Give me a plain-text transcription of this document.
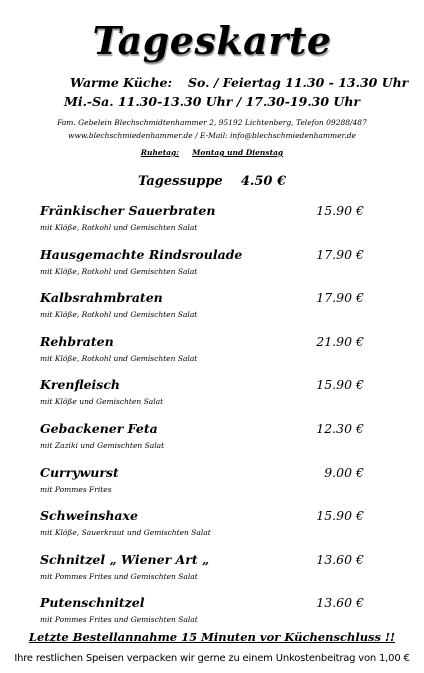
Tageskarte
Warme Küche: So. / Feiertag 11.30 - 13.30 Uhr
Mi.-Sa. 11.30-13.30 Uhr / 17.30-19.30 Uhr
Fam. Gebelein Blechschmidtenhammer 2, 95192 Lichtenberg, Telefon 09288/487
www.blechschmiedenhammer.de / E-Mail: info@blechschmiedenhammer.de
Ruhetag: Montag und Dienstag
Tagessuppe 4.50 €
Fränkischer Sauerbraten	15.90 €
mit Klöße, Rotkohl und Gemischten Salat
Hausgemachte Rindsroulade	17.90 €
mit Klöße, Rotkohl und Gemischten Salat
Kalbsrahmbraten	17.90 €
mit Klöße, Rotkohl und Gemischten Salat
Rehbraten	21.90 €
mit Klöße, Rotkohl und Gemischten Salat
Krenfleisch	15.90 €
mit Klöße und Gemischten Salat
Gebackener Feta	12.30 €
mit Zaziki und Gemischten Salat
Currywurst	9.00 €
mit Pommes Frites
Schweinshaxe	15.90 €
mit Klöße, Sauerkraut und Gemischten Salat
Schnitzel „ Wiener Art „	13.60 €
mit Pommes Frites und Gemischten Salat
Putenschnitzel	13.60 €
mit Pommes Frites und Gemischten Salat
Letzte Bestellannahme 15 Minuten vor Küchenschluss !!
Ihre restlichen Speisen verpacken wir gerne zu einem Unkostenbeitrag von 1,00 €
